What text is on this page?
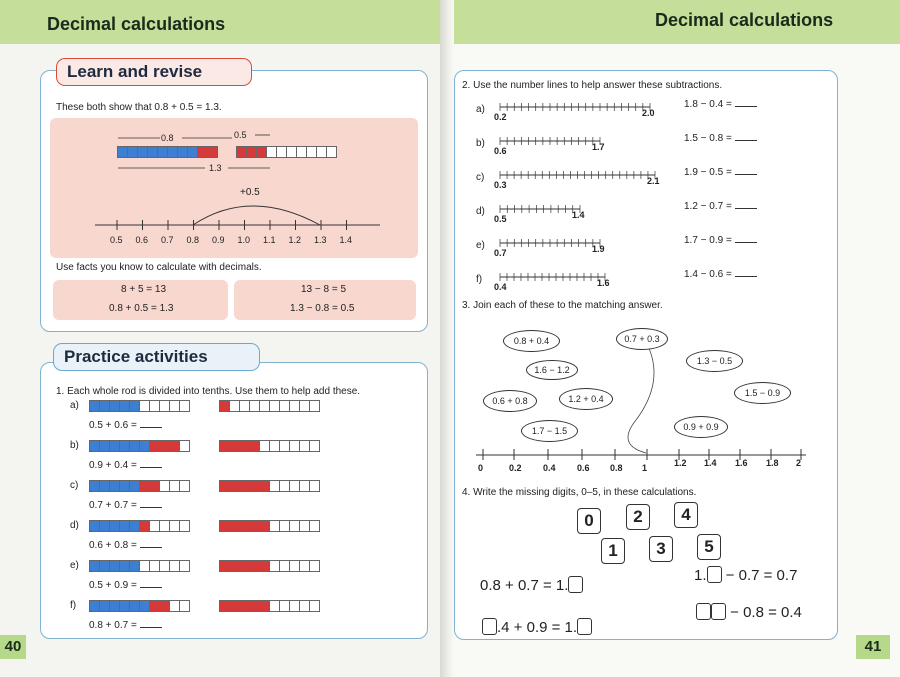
Decimal calculations
Learn and revise
These both show that 0.8 + 0.5 = 1.3.
0.8	0.5
1.3
+0.5
0.5 0.6 0.7 0.8 0.9 1.0 1.1 1.2 1.3 1.4
Use facts you know to calculate with decimals.
8 + 5 = 13
0.8 + 0.5 = 1.3
13 − 8 = 5
1.3 − 0.8 = 0.5
Practice activities
1. Each whole rod is divided into tenths. Use them to help add these.
a)
0.5 + 0.6 =
b)
0.9 + 0.4 =
c)
0.7 + 0.7 =
d)
0.6 + 0.8 =
e)
0.5 + 0.9 =
f)
0.8 + 0.7 =
40
Decimal calculations
2. Use the number lines to help answer these subtractions.
a)
0.2	2.0
1.8 − 0.4 =
b)
0.6	1.7
1.5 − 0.8 =
c)
0.3	2.1
1.9 − 0.5 =
d)
0.5	1.4
1.2 − 0.7 =
e)
0.7	1.9
1.7 − 0.9 =
f)
0.4	1.6
1.4 − 0.6 =
3. Join each of these to the matching answer.
0.8 + 0.4	0.7 + 0.3
1.6 − 1.2
1.3 − 0.5
1.5 − 0.9
0.6 + 0.8	1.2 + 0.4
1.7 − 1.5	0.9 + 0.9
0	0.2 0.4 0.6 0.8 1	1.2 1.4 1.6 1.8 2
4. Write the missing digits, 0–5, in these calculations.
0	2	4
1	3	5
0.8 + 0.7 = 1.
1. − 0.7 = 0.7
.4 + 0.9 = 1.
− 0.8 = 0.4
41
